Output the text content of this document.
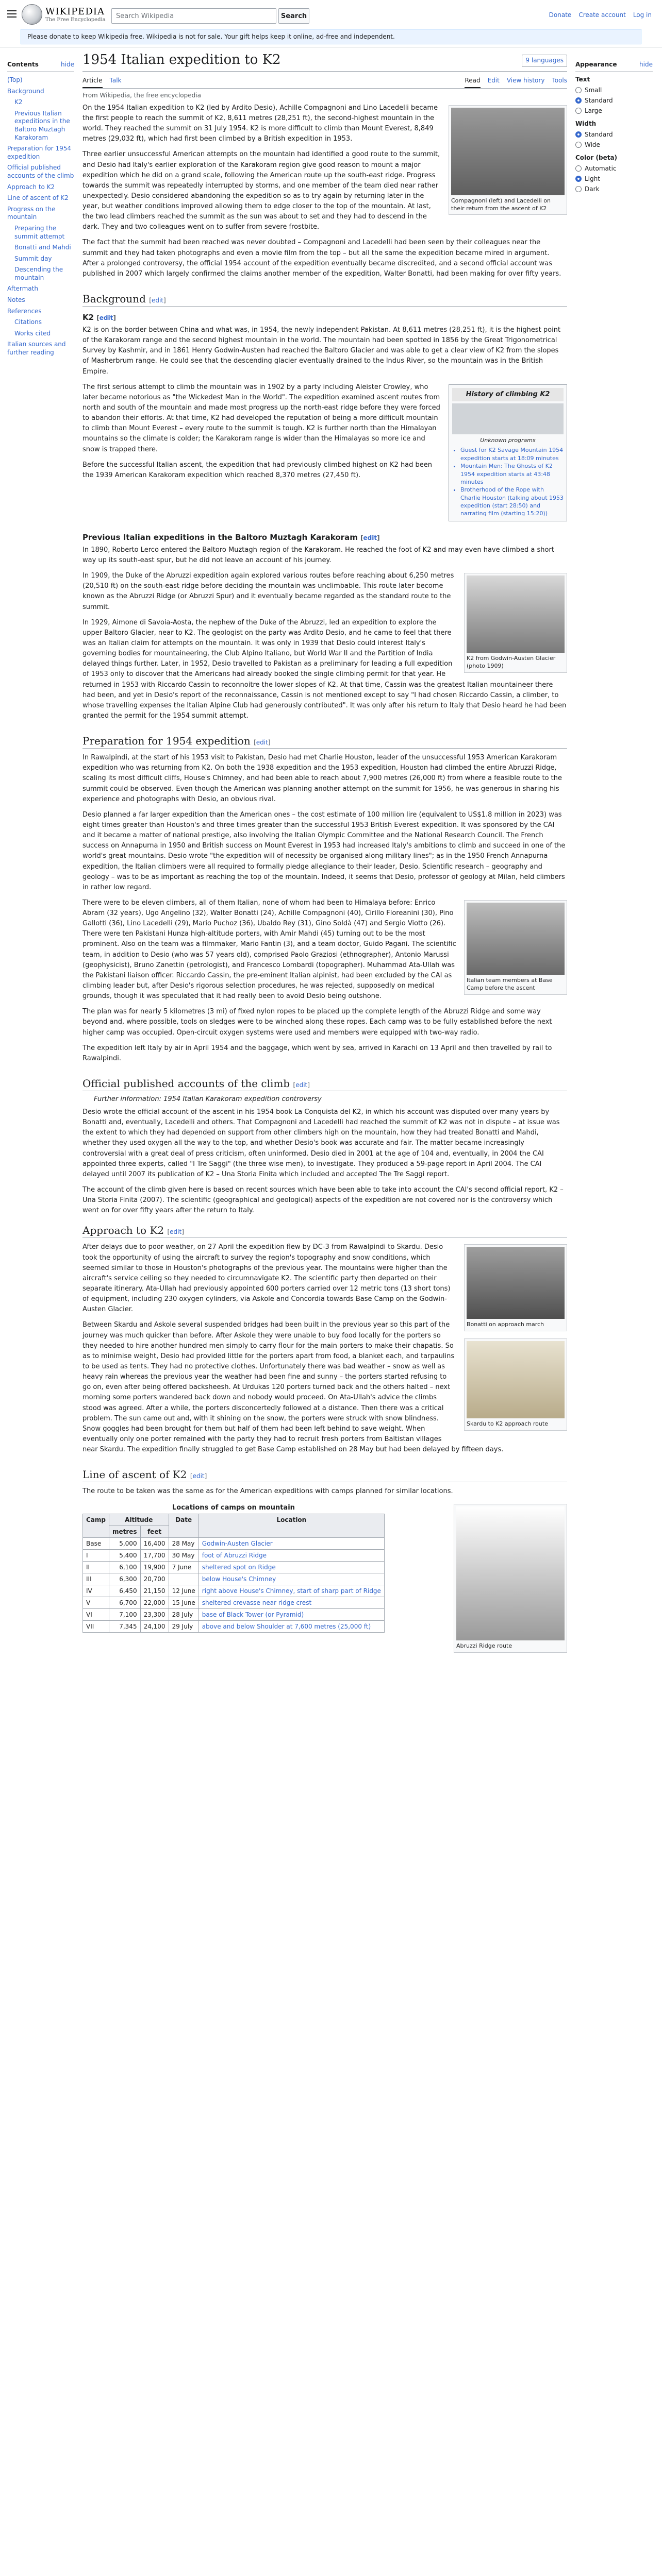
WIKIPEDIA
The Free Encyclopedia	Search Wikipedia	Search	Donate Create account Log in
Please donate to keep Wikipedia free. Wikipedia is not for sale. Your gift helps keep it online, ad-free and independent.
Contents	hide
(Top)
Background
K2
Previous Italian expeditions in the Baltoro Muztagh Karakoram
Preparation for 1954 expedition
Official published accounts of the climb
Approach to K2
Line of ascent of K2
Progress on the mountain
Preparing the summit attempt
Bonatti and Mahdi
Summit day
Descending the mountain
Aftermath
Notes
References
Citations
Works cited
Italian sources and further reading
1954 Italian expedition to K2	9 languages
Article Talk	Read Edit View history Tools
From Wikipedia, the free encyclopedia
Compagnoni (left) and Lacedelli on their return from the ascent of K2

On the 1954 Italian expedition to K2 (led by Ardito Desio), Achille Compagnoni and Lino Lacedelli became the first people to reach the summit of K2, 8,611 metres (28,251 ft), the second-highest mountain in the world. They reached the summit on 31 July 1954. K2 is more difficult to climb than Mount Everest, 8,849 metres (29,032 ft), which had first been climbed by a British expedition in 1953.

Three earlier unsuccessful American attempts on the mountain had identified a good route to the summit, and Desio had Italy's earlier exploration of the Karakoram region give good reason to mount a major expedition which he did on a grand scale, following the American route up the south-east ridge. Progress towards the summit was repeatedly interrupted by storms, and one member of the team died near rather unexpectedly. Desio considered abandoning the expedition so as to try again by returning later in the year, but weather conditions improved allowing them to edge closer to the top of the mountain. At last, the two lead climbers reached the summit as the sun was about to set and they had to descend in the dark. They and two colleagues went on to suffer from severe frostbite.

The fact that the summit had been reached was never doubted – Compagnoni and Lacedelli had been seen by their colleagues near the summit and they had taken photographs and even a movie film from the top – but all the same the expedition became mired in argument. After a prolonged controversy, the official 1954 account of the expedition eventually became discredited, and a second official account was published in 2007 which largely confirmed the claims another member of the expedition, Walter Bonatti, had been making for over fifty years.

Background [edit]
K2 [edit]

K2 is on the border between China and what was, in 1954, the newly independent Pakistan. At 8,611 metres (28,251 ft), it is the highest point of the Karakoram range and the second highest mountain in the world. The mountain had been spotted in 1856 by the Great Trigonometrical Survey by Kashmir, and in 1861 Henry Godwin-Austen had reached the Baltoro Glacier and was able to get a clear view of K2 from the slopes of Masherbrum range. He could see that the descending glacier eventually drained to the Indus River, so the mountain was in the British Empire.

History of climbing K2
Unknown programs
• Guest for K2 Savage Mountain 1954 expedition starts at 18:09 minutes
• Mountain Men: The Ghosts of K2 1954 expedition starts at 43:48 minutes
• Brotherhood of the Rope with Charlie Houston (talking about 1953 expedition (start 28:50) and narrating film (starting 15:20))

The first serious attempt to climb the mountain was in 1902 by a party including Aleister Crowley, who later became notorious as "the Wickedest Man in the World". The expedition examined ascent routes from north and south of the mountain and made most progress up the north-east ridge before they were forced to abandon their efforts. At that time, K2 had developed the reputation of being a more difficult mountain to climb than Mount Everest – every route to the summit is tough. K2 is further north than the Himalayan mountains so the climate is colder; the Karakoram range is wider than the Himalayas so more ice and snow is trapped there.

Before the successful Italian ascent, the expedition that had previously climbed highest on K2 had been the 1939 American Karakoram expedition which reached 8,370 metres (27,450 ft).

Previous Italian expeditions in the Baltoro Muztagh Karakoram [edit]

In 1890, Roberto Lerco entered the Baltoro Muztagh region of the Karakoram. He reached the foot of K2 and may even have climbed a short way up its south-east spur, but he did not leave an account of his journey.

K2 from Godwin-Austen Glacier (photo 1909)

In 1909, the Duke of the Abruzzi expedition again explored various routes before reaching about 6,250 metres (20,510 ft) on the south-east ridge before deciding the mountain was unclimbable. This route later become known as the Abruzzi Ridge (or Abruzzi Spur) and it eventually became regarded as the standard route to the summit.

In 1929, Aimone di Savoia-Aosta, the nephew of the Duke of the Abruzzi, led an expedition to explore the upper Baltoro Glacier, near to K2. The geologist on the party was Ardito Desio, and he came to feel that there was an Italian claim for attempts on the mountain. It was only in 1939 that Desio could interest Italy's governing bodies for mountaineering, the Club Alpino Italiano, but World War II and the Partition of India delayed things further. Later, in 1952, Desio travelled to Pakistan as a preliminary for leading a full expedition of 1953 only to discover that the Americans had already booked the single climbing permit for that year. He returned in 1953 with Riccardo Cassin to reconnoitre the lower slopes of K2. At that time, Cassin was the greatest Italian mountaineer there had been, and yet in Desio's report of the reconnaissance, Cassin is not mentioned except to say "I had chosen Riccardo Cassin, a climber, to whose travelling expenses the Italian Alpine Club had generously contributed". It was only after his return to Italy that Desio heard he had been granted the permit for the 1954 summit attempt.

Preparation for 1954 expedition [edit]

In Rawalpindi, at the start of his 1953 visit to Pakistan, Desio had met Charlie Houston, leader of the unsuccessful 1953 American Karakoram expedition who was returning from K2. On both the 1938 expedition and the 1953 expedition, Houston had climbed the entire Abruzzi Ridge, scaling its most difficult cliffs, House's Chimney, and had been able to reach about 7,900 metres (26,000 ft) from where a feasible route to the summit could be observed. Even though the American was planning another attempt on the summit for 1956, he was generous in sharing his experience and photographs with Desio, an obvious rival.

Desio planned a far larger expedition than the American ones – the cost estimate of 100 million lire (equivalent to US$1.8 million in 2023) was eight times greater than Houston's and three times greater than the successful 1953 British Everest expedition. It was sponsored by the CAI and it became a matter of national prestige, also involving the Italian Olympic Committee and the National Research Council. The French success on Annapurna in 1950 and British success on Mount Everest in 1953 had increased Italy's ambitions to climb and succeed in one of the world's great mountains. Desio wrote "the expedition will of necessity be organised along military lines"; as in the 1950 French Annapurna expedition, the Italian climbers were all required to formally pledge allegiance to their leader, Desio. Scientific research – geography and geology – was to be as important as reaching the top of the mountain. Indeed, it seems that Desio, professor of geology at Milan, held climbers in rather low regard.

Italian team members at Base Camp before the ascent

There were to be eleven climbers, all of them Italian, none of whom had been to Himalaya before: Enrico Abram (32 years), Ugo Angelino (32), Walter Bonatti (24), Achille Compagnoni (40), Cirillo Floreanini (30), Pino Gallotti (36), Lino Lacedelli (29), Mario Puchoz (36), Ubaldo Rey (31), Gino Soldà (47) and Sergio Viotto (26). There were ten Pakistani Hunza high-altitude porters, with Amir Mahdi (45) turning out to be the most prominent. Also on the team was a filmmaker, Mario Fantin (3), and a team doctor, Guido Pagani. The scientific team, in addition to Desio (who was 57 years old), comprised Paolo Graziosi (ethnographer), Antonio Marussi (geophysicist), Bruno Zanettin (petrologist), and Francesco Lombardi (topographer). Muhammad Ata-Ullah was the Pakistani liaison officer. Riccardo Cassin, the pre-eminent Italian alpinist, had been excluded by the CAI as climbing leader but, after Desio's rigorous selection procedures, he was rejected, supposedly on medical grounds, though it was speculated that it had really been to avoid Desio being outshone.

The plan was for nearly 5 kilometres (3 mi) of fixed nylon ropes to be placed up the complete length of the Abruzzi Ridge and some way beyond and, where possible, tools on sledges were to be winched along these ropes. Each camp was to be fully established before the next higher camp was occupied. Open-circuit oxygen systems were used and members were equipped with two-way radio.

The expedition left Italy by air in April 1954 and the baggage, which went by sea, arrived in Karachi on 13 April and then travelled by rail to Rawalpindi.

Official published accounts of the climb [edit]
Further information: 1954 Italian Karakoram expedition controversy

Desio wrote the official account of the ascent in his 1954 book La Conquista del K2, in which his account was disputed over many years by Bonatti and, eventually, Lacedelli and others. That Compagnoni and Lacedelli had reached the summit of K2 was not in dispute – at issue was the extent to which they had depended on support from other climbers high on the mountain, how they had treated Bonatti and Mahdi, whether they used oxygen all the way to the top, and whether Desio's book was accurate and fair. The matter became increasingly controversial with a great deal of press criticism, often uninformed. Desio died in 2001 at the age of 104 and, eventually, in 2004 the CAI appointed three experts, called "I Tre Saggi" (the three wise men), to investigate. They produced a 59-page report in April 2004. The CAI delayed until 2007 its publication of K2 – Una Storia Finita which included and accepted The Tre Saggi report.

The account of the climb given here is based on recent sources which have been able to take into account the CAI's second official report, K2 – Una Storia Finita (2007). The scientific (geographical and geological) aspects of the expedition are not covered nor is the controversy which went on for over fifty years after the return to Italy.

Approach to K2 [edit]
Bonatti on approach march

After delays due to poor weather, on 27 April the expedition flew by DC-3 from Rawalpindi to Skardu. Desio took the opportunity of using the aircraft to survey the region's topography and snow conditions, which seemed similar to those in Houston's photographs of the previous year. The mountains were higher than the aircraft's service ceiling so they needed to circumnavigate K2. The scientific party then departed on their separate itinerary. Ata-Ullah had previously appointed 600 porters carried over 12 metric tons (13 short tons) of equipment, including 230 oxygen cylinders, via Askole and Concordia towards Base Camp on the Godwin-Austen Glacier.

Skardu to K2 approach route

Between Skardu and Askole several suspended bridges had been built in the previous year so this part of the journey was much quicker than before. After Askole they were unable to buy food locally for the porters so they needed to hire another hundred men simply to carry flour for the main porters to make their chapatis. So as to minimise weight, Desio had provided little for the porters apart from food, a blanket each, and tarpaulins to be used as tents. They had no protective clothes. Unfortunately there was bad weather – snow as well as heavy rain whereas the previous year the weather had been fine and sunny – the porters started refusing to go on, even after being offered backsheesh. At Urdukas 120 porters turned back and the others halted – next morning some porters wandered back down and nobody would proceed. On Ata-Ullah's advice the climbs stood was agreed. After a while, the porters disconcertedly followed at a distance. Then there was a critical problem. The sun came out and, with it shining on the snow, the porters were struck with snow blindness. Snow goggles had been brought for them but half of them had been left behind to save weight. When eventually only one porter remained with the party they had to recruit fresh porters from Baltistan villages near Skardu. The expedition finally struggled to get Base Camp established on 28 May but had been delayed by fifteen days.

Line of ascent of K2 [edit]

The route to be taken was the same as for the American expeditions with camps planned for similar locations.

Abruzzi Ridge route
Locations of camps on mountain
Camp	Altitude		Date	Location
	metres	feet		
Base	5,000	16,400	28 May	Godwin-Austen Glacier
I	5,400	17,700	30 May	foot of Abruzzi Ridge
II	6,100	19,900	7 June	sheltered spot on Ridge
III	6,300	20,700		below House's Chimney
IV	6,450	21,150	12 June	right above House's Chimney, start of sharp part of Ridge
V	6,700	22,000	15 June	sheltered crevasse near ridge crest
VI	7,100	23,300	28 July	base of Black Tower (or Pyramid)
VII	7,345	24,100	29 July	above and below Shoulder at 7,600 metres (25,000 ft)
Appearance	hide
Text
Small
Standard
Large
Width
Standard
Wide
Color (beta)
Automatic
Light
Dark
